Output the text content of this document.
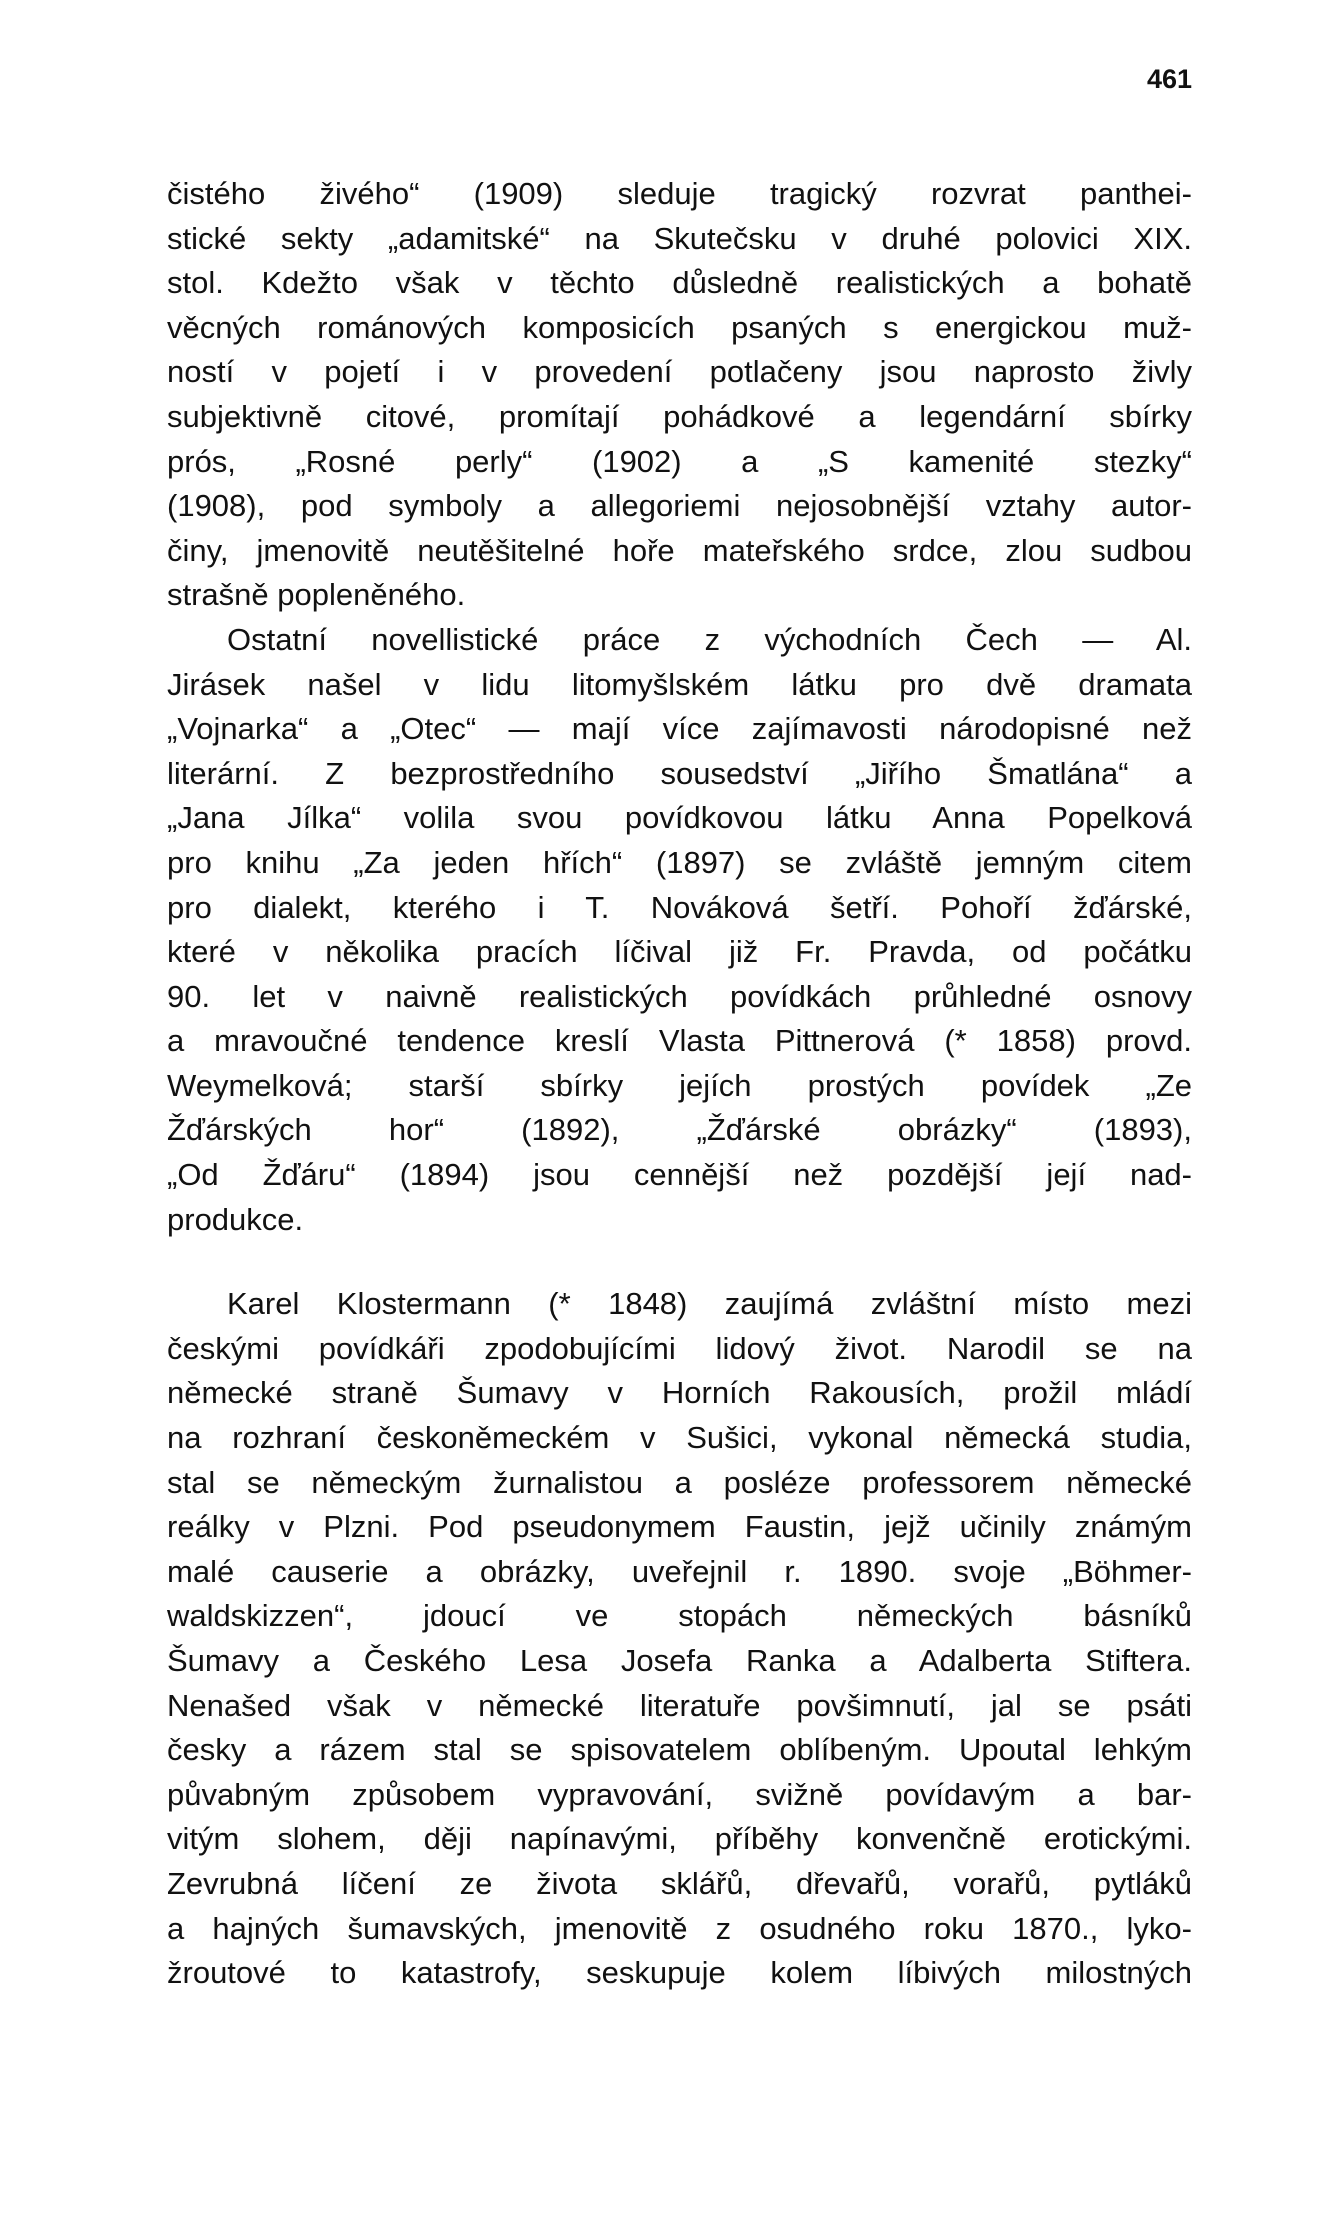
461
čistého živého“ (1909) sleduje tragický rozvrat panthei-
stické sekty „adamitské“ na Skutečsku v druhé polovici XIX.
stol. Kdežto však v těchto důsledně realistických a bohatě
věcných románových komposicích psaných s energickou muž-
ností v pojetí i v provedení potlačeny jsou naprosto živly
subjektivně citové, promítají pohádkové a legendární sbírky
prós, „Rosné perly“ (1902) a „S kamenité stezky“
(1908), pod symboly a allegoriemi nejosobnější vztahy autor-
činy, jmenovitě neutěšitelné hoře mateřského srdce, zlou sudbou
strašně popleněného.
Ostatní novellistické práce z východních Čech — Al.
Jirásek našel v lidu litomyšlském látku pro dvě dramata
„Vojnarka“ a „Otec“ — mají více zajímavosti národopisné než
literární. Z bezprostředního sousedství „Jiřího Šmatlána“ a
„Jana Jílka“ volila svou povídkovou látku Anna Popelková
pro knihu „Za jeden hřích“ (1897) se zvláště jemným citem
pro dialekt, kterého i T. Nováková šetří. Pohoří žďárské,
které v několika pracích líčival již Fr. Pravda, od počátku
90. let v naivně realistických povídkách průhledné osnovy
a mravoučné tendence kreslí Vlasta Pittnerová (* 1858) provd.
Weymelková; starší sbírky jejích prostých povídek „Ze
Žďárských hor“ (1892), „Žďárské obrázky“ (1893),
„Od Žďáru“ (1894) jsou cennější než pozdější její nad-
produkce.
Karel Klostermann (* 1848) zaujímá zvláštní místo mezi
českými povídkáři zpodobujícími lidový život. Narodil se na
německé straně Šumavy v Horních Rakousích, prožil mládí
na rozhraní českoněmeckém v Sušici, vykonal německá studia,
stal se německým žurnalistou a posléze professorem německé
reálky v Plzni. Pod pseudonymem Faustin, jejž učinily známým
malé causerie a obrázky, uveřejnil r. 1890. svoje „Böhmer-
waldskizzen“, jdoucí ve stopách německých básníků
Šumavy a Českého Lesa Josefa Ranka a Adalberta Stiftera.
Nenašed však v německé literatuře povšimnutí, jal se psáti
česky a rázem stal se spisovatelem oblíbeným. Upoutal lehkým
půvabným způsobem vypravování, svižně povídavým a bar-
vitým slohem, ději napínavými, příběhy konvenčně erotickými.
Zevrubná líčení ze života sklářů, dřevařů, vorařů, pytláků
a hajných šumavských, jmenovitě z osudného roku 1870., lyko-
žroutové to katastrofy, seskupuje kolem líbivých milostných
